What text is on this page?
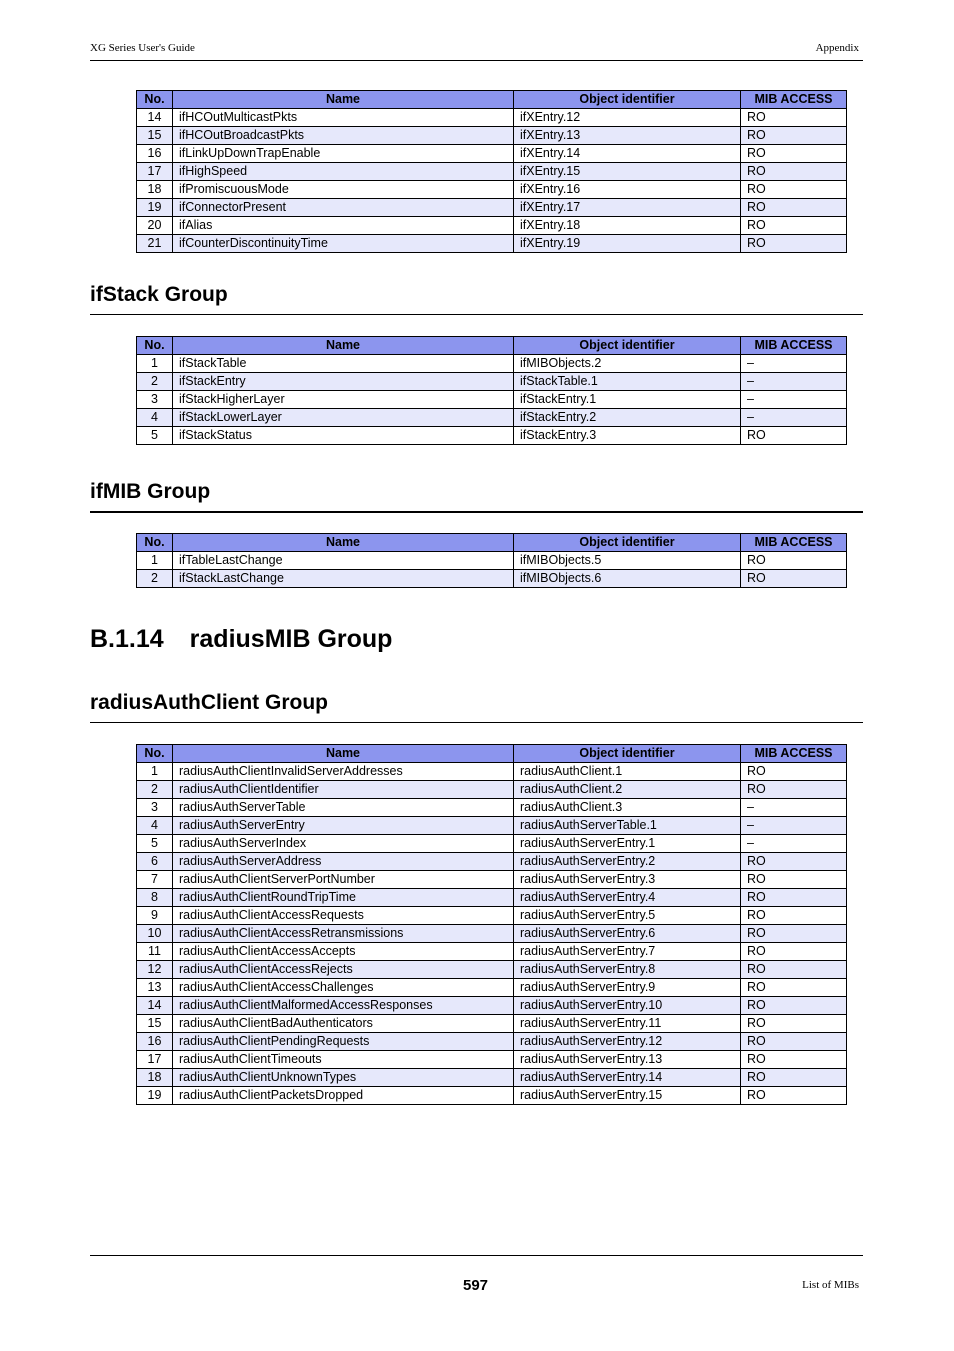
XG Series User's Guide	Appendix
No.	Name	Object identifier	MIB ACCESS
14	ifHCOutMulticastPkts	ifXEntry.12	RO
15	ifHCOutBroadcastPkts	ifXEntry.13	RO
16	ifLinkUpDownTrapEnable	ifXEntry.14	RO
17	ifHighSpeed	ifXEntry.15	RO
18	ifPromiscuousMode	ifXEntry.16	RO
19	ifConnectorPresent	ifXEntry.17	RO
20	ifAlias	ifXEntry.18	RO
21	ifCounterDiscontinuityTime	ifXEntry.19	RO
ifStack Group
No.	Name	Object identifier	MIB ACCESS
1	ifStackTable	ifMIBObjects.2	–
2	ifStackEntry	ifStackTable.1	–
3	ifStackHigherLayer	ifStackEntry.1	–
4	ifStackLowerLayer	ifStackEntry.2	–
5	ifStackStatus	ifStackEntry.3	RO
ifMIB Group
No.	Name	Object identifier	MIB ACCESS
1	ifTableLastChange	ifMIBObjects.5	RO
2	ifStackLastChange	ifMIBObjects.6	RO
B.1.14 radiusMIB Group
radiusAuthClient Group
No.	Name	Object identifier	MIB ACCESS
1	radiusAuthClientInvalidServerAddresses	radiusAuthClient.1	RO
2	radiusAuthClientIdentifier	radiusAuthClient.2	RO
3	radiusAuthServerTable	radiusAuthClient.3	–
4	radiusAuthServerEntry	radiusAuthServerTable.1	–
5	radiusAuthServerIndex	radiusAuthServerEntry.1	–
6	radiusAuthServerAddress	radiusAuthServerEntry.2	RO
7	radiusAuthClientServerPortNumber	radiusAuthServerEntry.3	RO
8	radiusAuthClientRoundTripTime	radiusAuthServerEntry.4	RO
9	radiusAuthClientAccessRequests	radiusAuthServerEntry.5	RO
10	radiusAuthClientAccessRetransmissions	radiusAuthServerEntry.6	RO
11	radiusAuthClientAccessAccepts	radiusAuthServerEntry.7	RO
12	radiusAuthClientAccessRejects	radiusAuthServerEntry.8	RO
13	radiusAuthClientAccessChallenges	radiusAuthServerEntry.9	RO
14	radiusAuthClientMalformedAccessResponses	radiusAuthServerEntry.10	RO
15	radiusAuthClientBadAuthenticators	radiusAuthServerEntry.11	RO
16	radiusAuthClientPendingRequests	radiusAuthServerEntry.12	RO
17	radiusAuthClientTimeouts	radiusAuthServerEntry.13	RO
18	radiusAuthClientUnknownTypes	radiusAuthServerEntry.14	RO
19	radiusAuthClientPacketsDropped	radiusAuthServerEntry.15	RO
597	List of MIBs
